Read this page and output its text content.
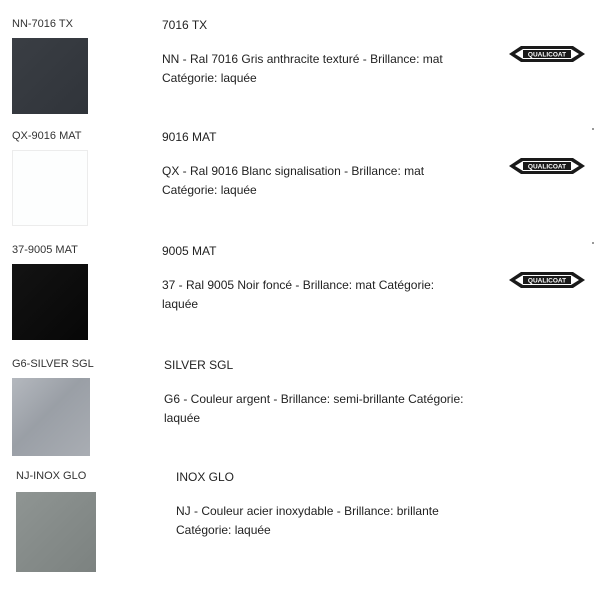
NN-7016 TX	7016 TX
NN - Ral 7016 Gris anthracite texturé - Brillance: mat Catégorie: laquée
QUALICOAT
QX-9016 MAT	9016 MAT
QX - Ral 9016 Blanc signalisation - Brillance: mat Catégorie: laquée
QUALICOAT
37-9005 MAT	9005 MAT
37 - Ral 9005 Noir foncé - Brillance: mat Catégorie: laquée
QUALICOAT
G6-SILVER SGL	SILVER SGL
G6 - Couleur argent - Brillance: semi-brillante Catégorie: laquée
NJ-INOX GLO	INOX GLO
NJ - Couleur acier inoxydable - Brillance: brillante Catégorie: laquée
